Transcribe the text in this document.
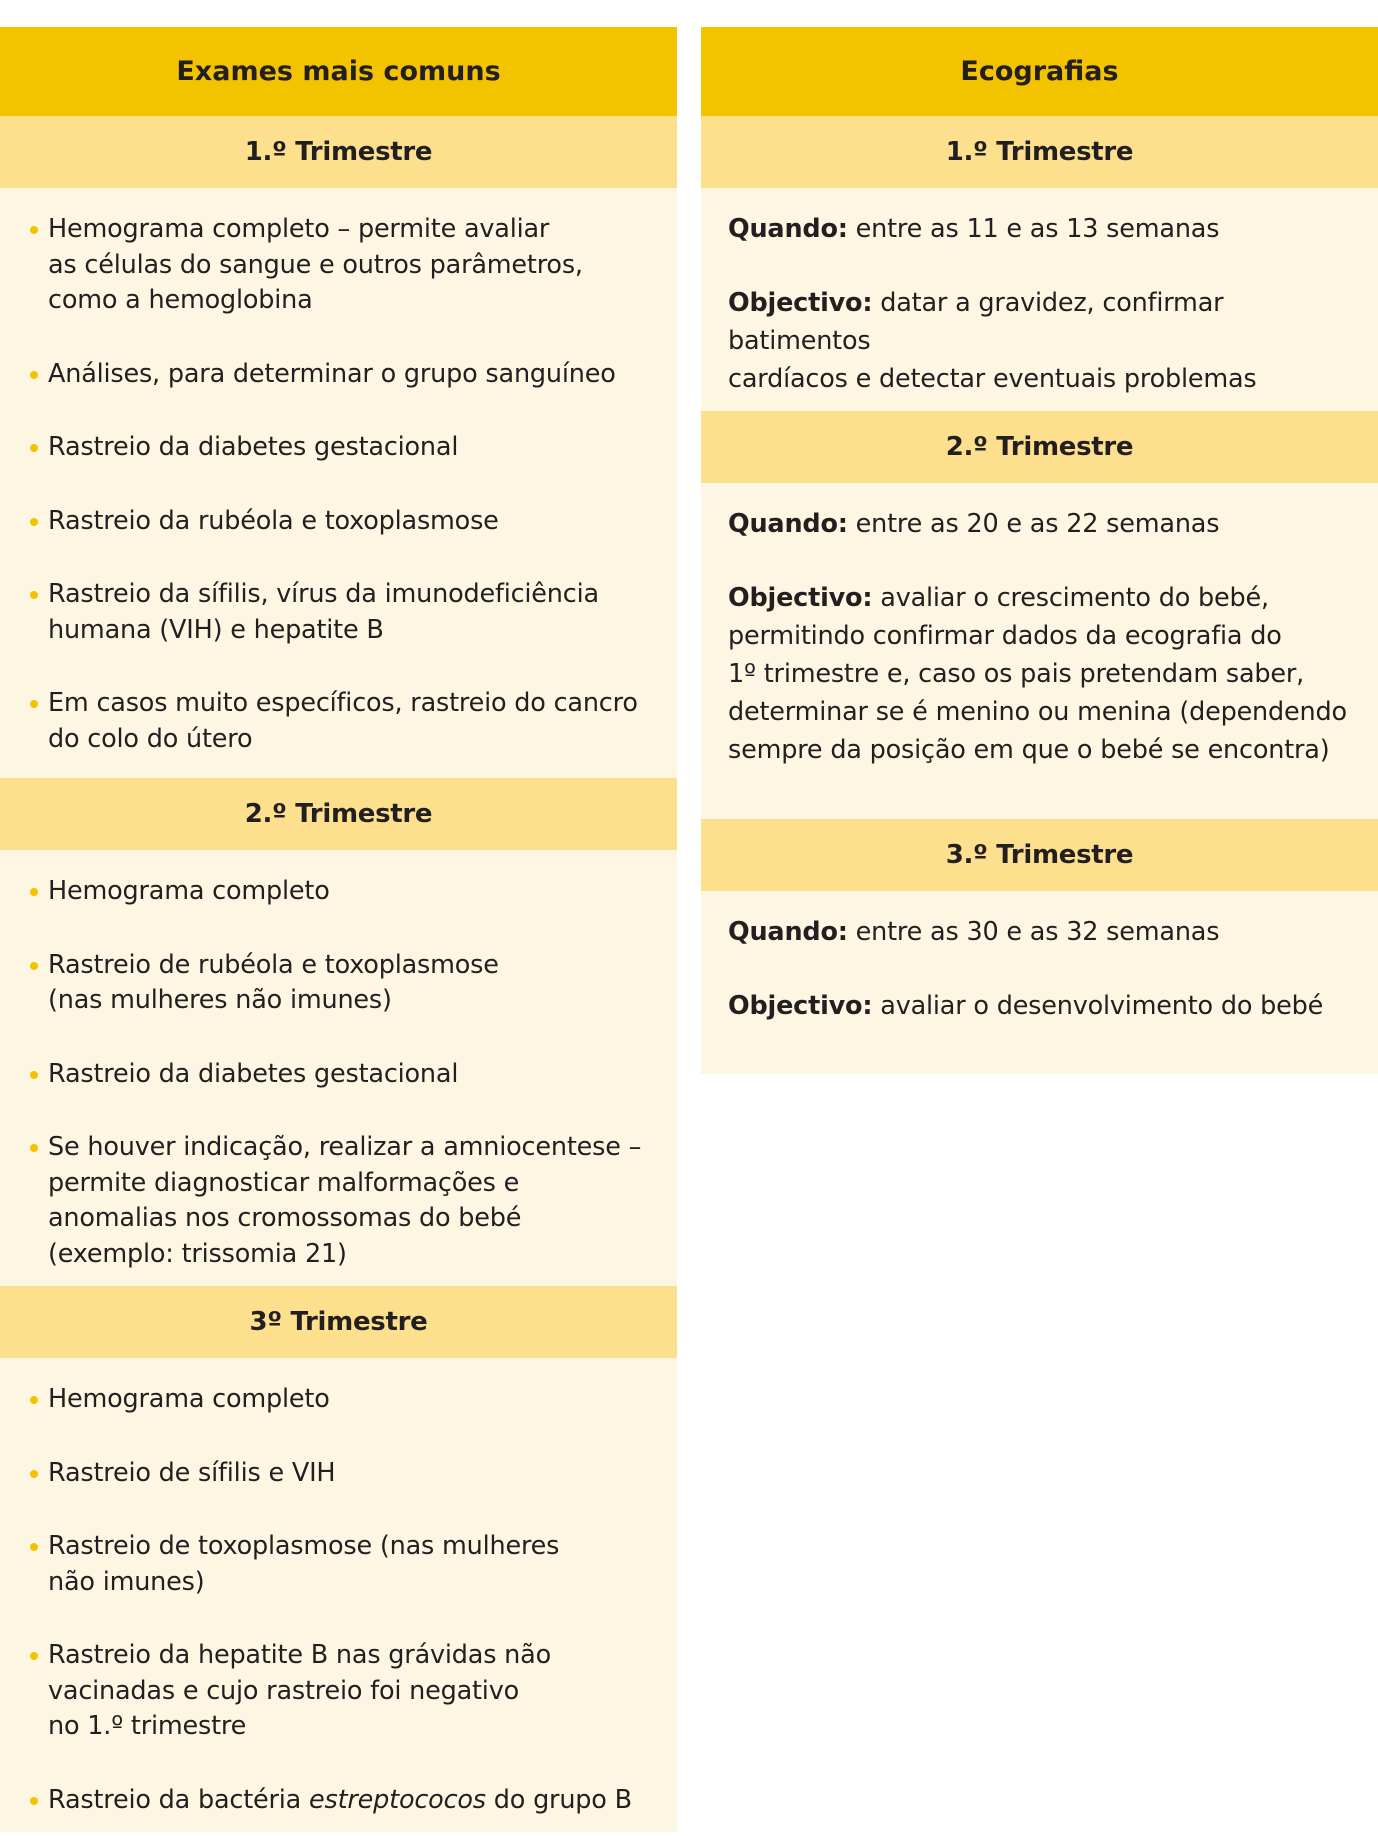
Exames mais comuns
1.º Trimestre
Hemograma completo – permite avaliar
as células do sangue e outros parâmetros,
como a hemoglobina
Análises, para determinar o grupo sanguíneo
Rastreio da diabetes gestacional
Rastreio da rubéola e toxoplasmose
Rastreio da sífilis, vírus da imunodeficiência
humana (VIH) e hepatite B
Em casos muito específicos, rastreio do cancro
do colo do útero
2.º Trimestre
Hemograma completo
Rastreio de rubéola e toxoplasmose
(nas mulheres não imunes)
Rastreio da diabetes gestacional
Se houver indicação, realizar a amniocentese –
permite diagnosticar malformações e
anomalias nos cromossomas do bebé
(exemplo: trissomia 21)
3º Trimestre
Hemograma completo
Rastreio de sífilis e VIH
Rastreio de toxoplasmose (nas mulheres
não imunes)
Rastreio da hepatite B nas grávidas não
vacinadas e cujo rastreio foi negativo
no 1.º trimestre
Rastreio da bactéria estreptococos do grupo B
Ecografias
1.º Trimestre
Quando: entre as 11 e as 13 semanas
Objectivo: datar a gravidez, confirmar batimentos
cardíacos e detectar eventuais problemas
2.º Trimestre
Quando: entre as 20 e as 22 semanas
Objectivo: avaliar o crescimento do bebé,
permitindo confirmar dados da ecografia do
1º trimestre e, caso os pais pretendam saber,
determinar se é menino ou menina (dependendo
sempre da posição em que o bebé se encontra)
3.º Trimestre
Quando: entre as 30 e as 32 semanas
Objectivo: avaliar o desenvolvimento do bebé
